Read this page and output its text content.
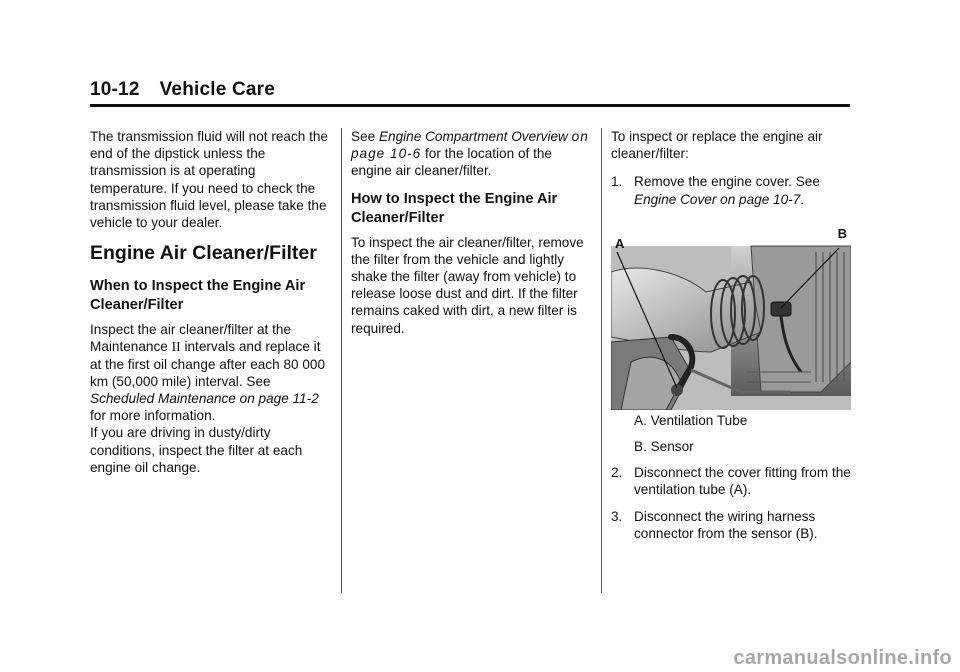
10-12 Vehicle Care

The transmission fluid will not reach the end of the dipstick unless the transmission is at operating temperature. If you need to check the transmission fluid level, please take the vehicle to your dealer.

Engine Air Cleaner/Filter
When to Inspect the Engine Air Cleaner/Filter

Inspect the air cleaner/filter at the Maintenance II intervals and replace it at the first oil change after each 80 000 km (50,000 mile) interval. See Scheduled Maintenance on page 11-2 for more information.

If you are driving in dusty/dirty conditions, inspect the filter at each engine oil change.

See Engine Compartment Overview on page 10-6 for the location of the engine air cleaner/filter.

How to Inspect the Engine Air Cleaner/Filter

To inspect the air cleaner/filter, remove the filter from the vehicle and lightly shake the filter (away from vehicle) to release loose dust and dirt. If the filter remains caked with dirt, a new filter is required.

To inspect or replace the engine air cleaner/filter:

1. Remove the engine cover. See Engine Cover on page 10-7.
A
B

A. Ventilation Tube

B. Sensor

2. Disconnect the cover fitting from the ventilation tube (A).
3. Disconnect the wiring harness connector from the sensor (B).
carmanualsonline.info
